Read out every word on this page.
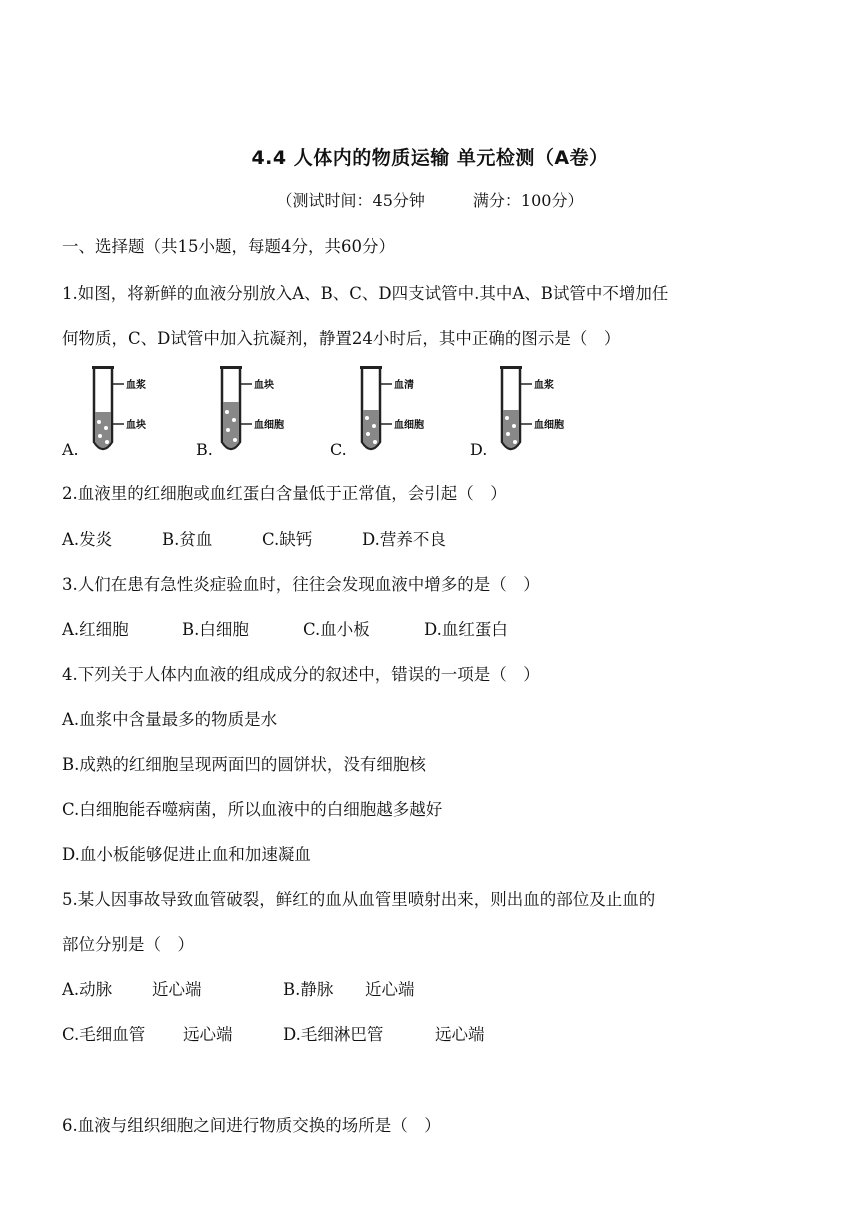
4.4 人体内的物质运输 单元检测（A卷）
（测试时间：45分钟	满分：100分）
一、选择题（共15小题，每题4分，共60分）
1.如图，将新鲜的血液分别放入A、B、C、D四支试管中.其中A、B试管中不增加任
何物质，C、D试管中加入抗凝剂，静置24小时后，其中正确的图示是（　）
A.
血浆
血块
B.
血块
血细胞
C.
血清
血细胞
D.
血浆
血细胞
2.血液里的红细胞或血红蛋白含量低于正常值，会引起（　）
A.发炎	B.贫血	C.缺钙	D.营养不良
3.人们在患有急性炎症验血时，往往会发现血液中增多的是（　）
A.红细胞	B.白细胞	C.血小板	D.血红蛋白
4.下列关于人体内血液的组成成分的叙述中，错误的一项是（　）
A.血浆中含量最多的物质是水
B.成熟的红细胞呈现两面凹的圆饼状，没有细胞核
C.白细胞能吞噬病菌，所以血液中的白细胞越多越好
D.血小板能够促进止血和加速凝血
5.某人因事故导致血管破裂，鲜红的血从血管里喷射出来，则出血的部位及止血的
部位分别是（　）
A.动脉 近心端	B.静脉 近心端
C.毛细血管 远心端	D.毛细淋巴管	远心端
6.血液与组织细胞之间进行物质交换的场所是（　）
